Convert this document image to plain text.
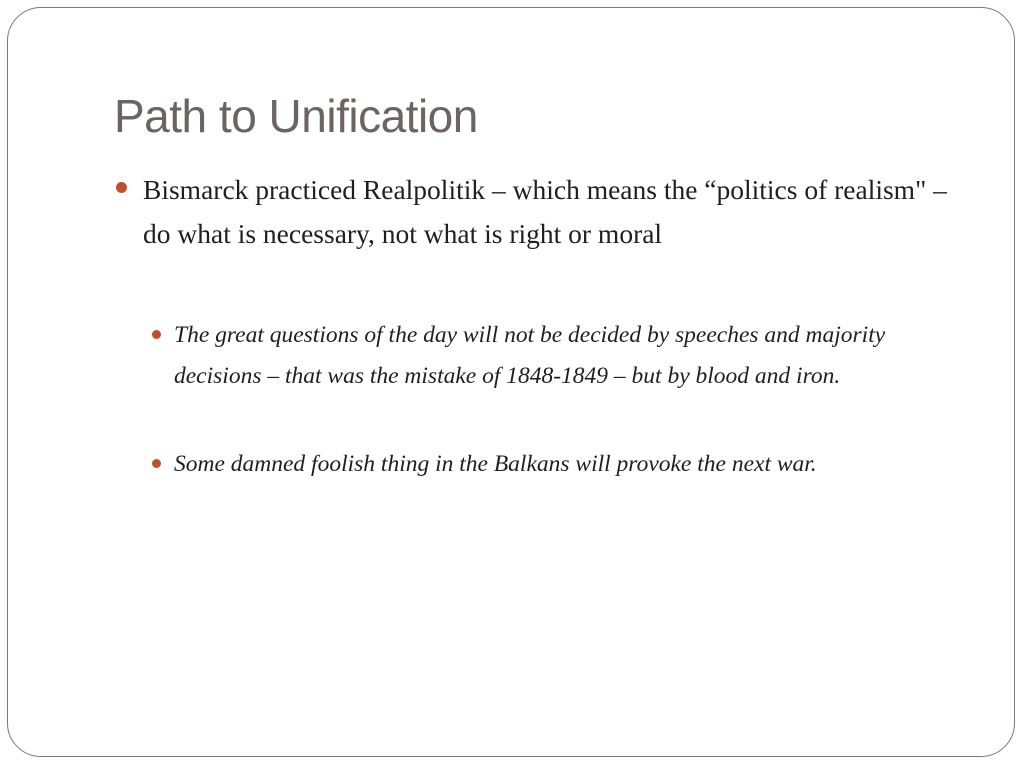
Path to Unification
Bismarck practiced Realpolitik – which means the “politics of realism" – do what is necessary, not what is right or moral
The great questions of the day will not be decided by speeches and majority decisions – that was the mistake of 1848-1849 – but by blood and iron.
Some damned foolish thing in the Balkans will provoke the next war.
